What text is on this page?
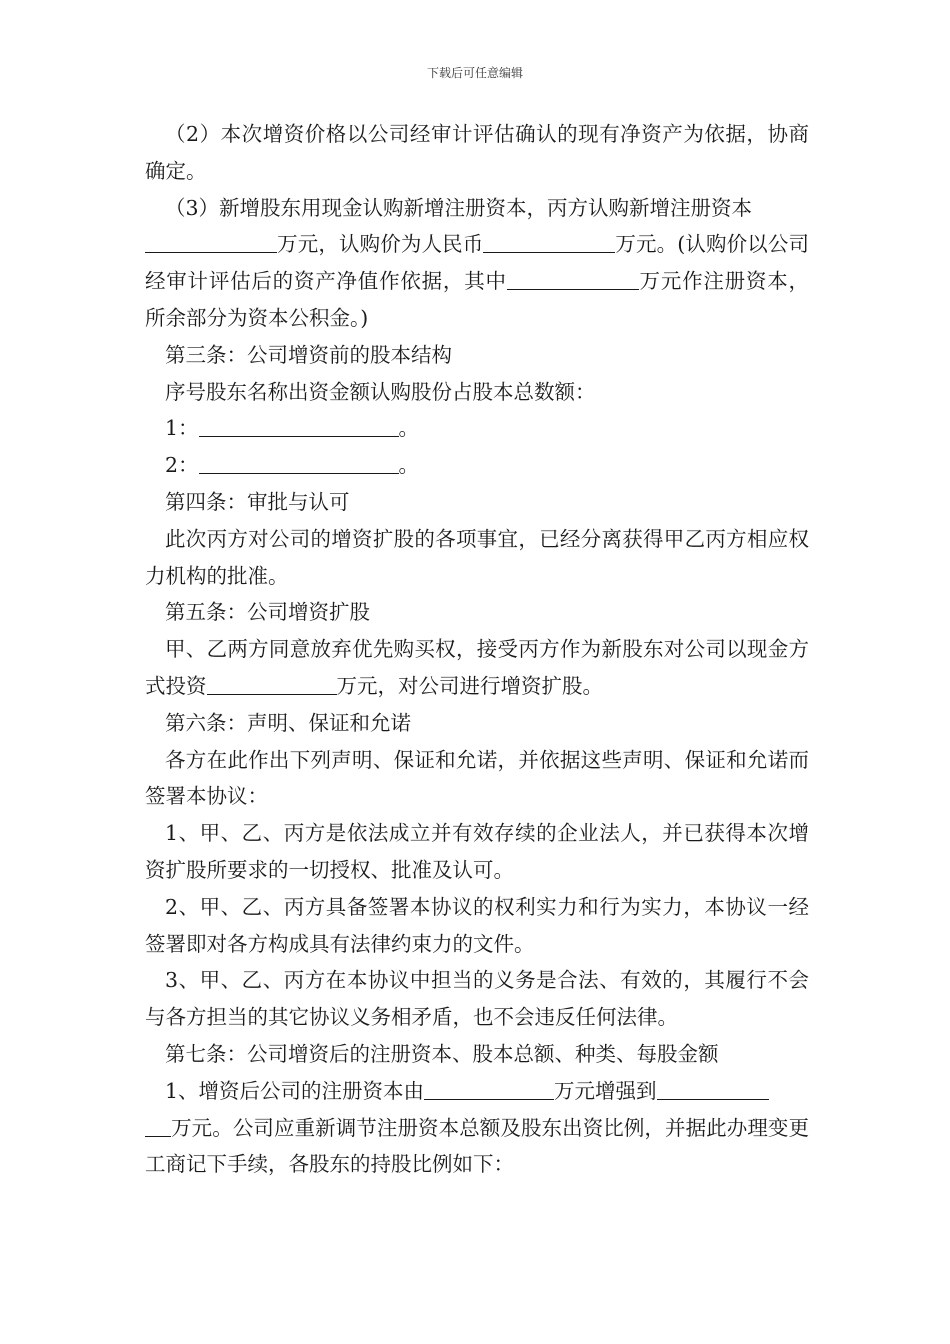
下载后可任意编辑

（2）本次增资价格以公司经审计评估确认的现有净资产为依据，协商确定。

（3）新增股东用现金认购新增注册资本，丙方认购新增注册资本
万元，认购价为人民币	万元。(认购价以公司经审计评估后的资产净值作依据，其中	万元作注册资本，所余部分为资本公积金。)

第三条：公司增资前的股本结构

序号股东名称出资金额认购股份占股本总数额：

1：	。

2：	。

第四条：审批与认可

此次丙方对公司的增资扩股的各项事宜，已经分离获得甲乙丙方相应权力机构的批准。

第五条：公司增资扩股

甲、乙两方同意放弃优先购买权，接受丙方作为新股东对公司以现金方式投资	万元，对公司进行增资扩股。

第六条：声明、保证和允诺

各方在此作出下列声明、保证和允诺，并依据这些声明、保证和允诺而签署本协议：

1、甲、乙、丙方是依法成立并有效存续的企业法人，并已获得本次增资扩股所要求的一切授权、批准及认可。

2、甲、乙、丙方具备签署本协议的权利实力和行为实力，本协议一经签署即对各方构成具有法律约束力的文件。

3、甲、乙、丙方在本协议中担当的义务是合法、有效的，其履行不会与各方担当的其它协议义务相矛盾，也不会违反任何法律。

第七条：公司增资后的注册资本、股本总额、种类、每股金额

1、增资后公司的注册资本由	万元增强到
万元。公司应重新调节注册资本总额及股东出资比例，并据此办理变更工商记下手续，各股东的持股比例如下：
